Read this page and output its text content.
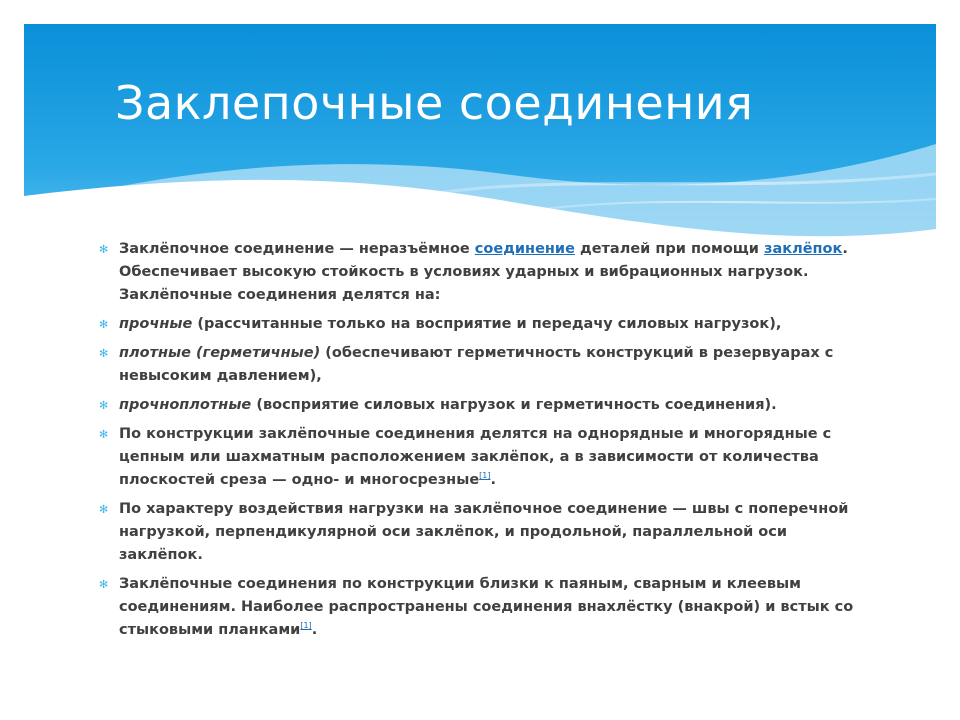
Заклепочные соединения
✻ Заклёпочное соединение — неразъёмное соединение деталей при помощи заклёпок. Обеспечивает высокую стойкость в условиях ударных и вибрационных нагрузок. Заклёпочные соединения делятся на:
✻ прочные (рассчитанные только на восприятие и передачу силовых нагрузок),
✻ плотные (герметичные) (обеспечивают герметичность конструкций в резервуарах с невысоким давлением),
✻ прочноплотные (восприятие силовых нагрузок и герметичность соединения).
✻ По конструкции заклёпочные соединения делятся на однорядные и многорядные с цепным или шахматным расположением заклёпок, а в зависимости от количества плоскостей среза — одно- и многосрезные[1].
✻ По характеру воздействия нагрузки на заклёпочное соединение — швы с поперечной нагрузкой, перпендикулярной оси заклёпок, и продольной, параллельной оси заклёпок.
✻ Заклёпочные соединения по конструкции близки к паяным, сварным и клеевым соединениям. Наиболее распространены соединения внахлёстку (внакрой) и встык со стыковыми планками[1].
